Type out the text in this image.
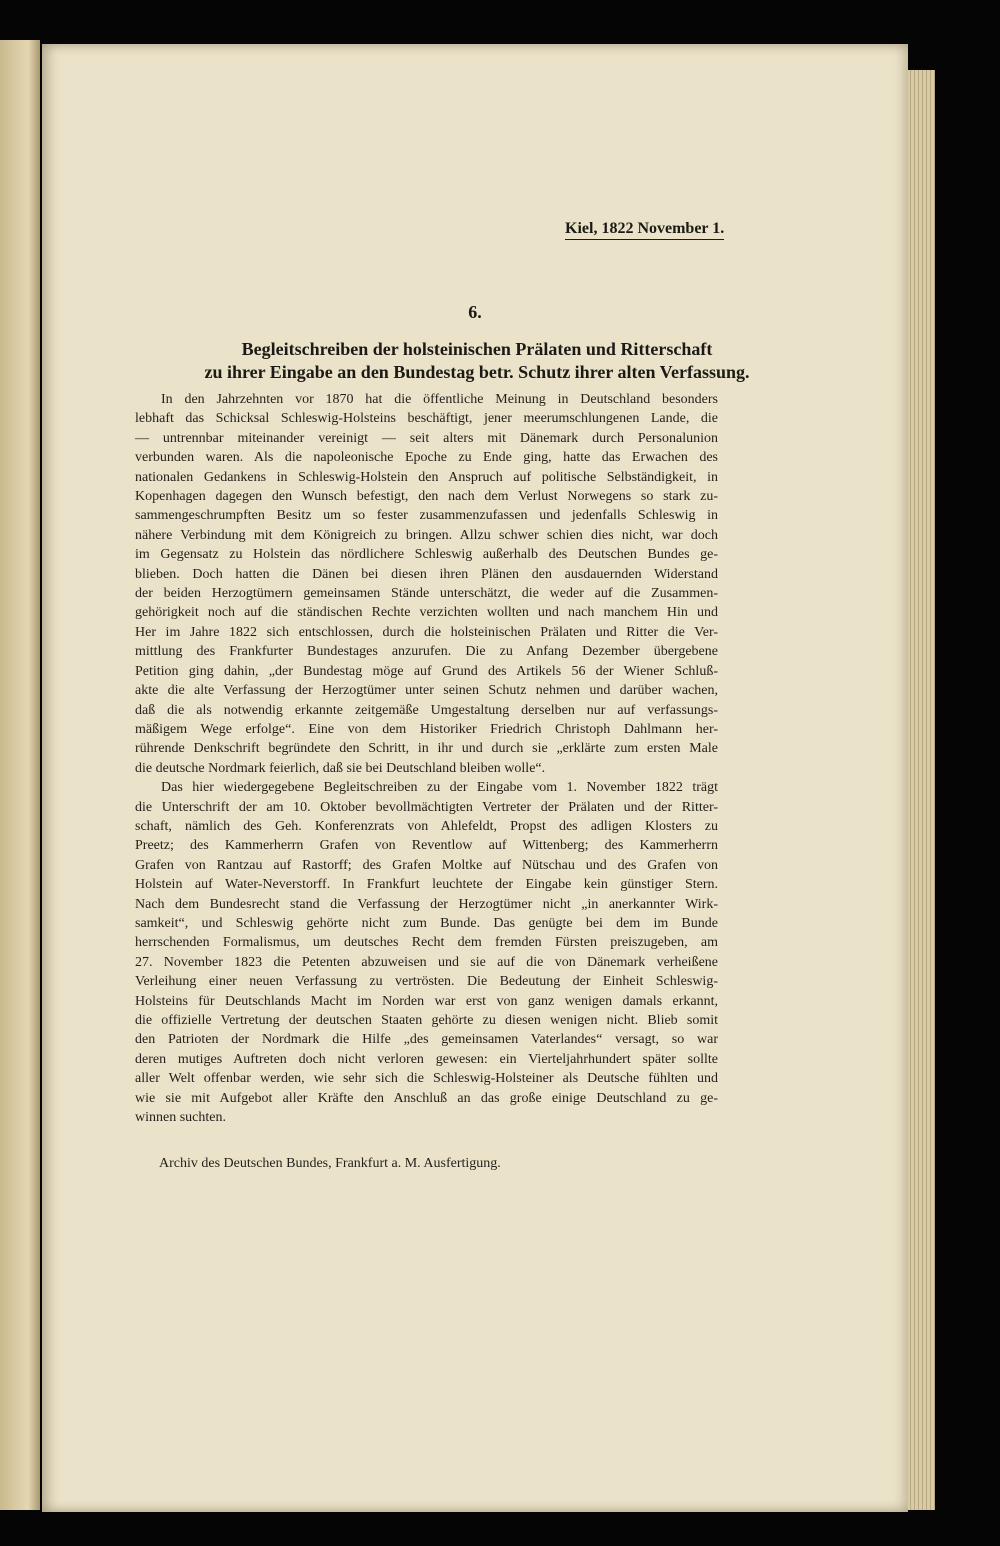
Kiel, 1822 November 1.
6.
Begleitschreiben der holsteinischen Prälaten und Ritterschaft
zu ihrer Eingabe an den Bundestag betr. Schutz ihrer alten Verfassung.
In den Jahrzehnten vor 1870 hat die öffentliche Meinung in Deutschland besonders
lebhaft das Schicksal Schleswig-Holsteins beschäftigt, jener meerumschlungenen Lande, die
— untrennbar miteinander vereinigt — seit alters mit Dänemark durch Personalunion
verbunden waren. Als die napoleonische Epoche zu Ende ging, hatte das Erwachen des
nationalen Gedankens in Schleswig-Holstein den Anspruch auf politische Selbständigkeit, in
Kopenhagen dagegen den Wunsch befestigt, den nach dem Verlust Norwegens so stark zu-
sammengeschrumpften Besitz um so fester zusammenzufassen und jedenfalls Schleswig in
nähere Verbindung mit dem Königreich zu bringen. Allzu schwer schien dies nicht, war doch
im Gegensatz zu Holstein das nördlichere Schleswig außerhalb des Deutschen Bundes ge-
blieben. Doch hatten die Dänen bei diesen ihren Plänen den ausdauernden Widerstand
der beiden Herzogtümern gemeinsamen Stände unterschätzt, die weder auf die Zusammen-
gehörigkeit noch auf die ständischen Rechte verzichten wollten und nach manchem Hin und
Her im Jahre 1822 sich entschlossen, durch die holsteinischen Prälaten und Ritter die Ver-
mittlung des Frankfurter Bundestages anzurufen. Die zu Anfang Dezember übergebene
Petition ging dahin, „der Bundestag möge auf Grund des Artikels 56 der Wiener Schluß-
akte die alte Verfassung der Herzogtümer unter seinen Schutz nehmen und darüber wachen,
daß die als notwendig erkannte zeitgemäße Umgestaltung derselben nur auf verfassungs-
mäßigem Wege erfolge“. Eine von dem Historiker Friedrich Christoph Dahlmann her-
rührende Denkschrift begründete den Schritt, in ihr und durch sie „erklärte zum ersten Male
die deutsche Nordmark feierlich, daß sie bei Deutschland bleiben wolle“.
Das hier wiedergegebene Begleitschreiben zu der Eingabe vom 1. November 1822 trägt
die Unterschrift der am 10. Oktober bevollmächtigten Vertreter der Prälaten und der Ritter-
schaft, nämlich des Geh. Konferenzrats von Ahlefeldt, Propst des adligen Klosters zu
Preetz; des Kammerherrn Grafen von Reventlow auf Wittenberg; des Kammerherrn
Grafen von Rantzau auf Rastorff; des Grafen Moltke auf Nütschau und des Grafen von
Holstein auf Water-Neverstorff. In Frankfurt leuchtete der Eingabe kein günstiger Stern.
Nach dem Bundesrecht stand die Verfassung der Herzogtümer nicht „in anerkannter Wirk-
samkeit“, und Schleswig gehörte nicht zum Bunde. Das genügte bei dem im Bunde
herrschenden Formalismus, um deutsches Recht dem fremden Fürsten preiszugeben, am
27. November 1823 die Petenten abzuweisen und sie auf die von Dänemark verheißene
Verleihung einer neuen Verfassung zu vertrösten. Die Bedeutung der Einheit Schleswig-
Holsteins für Deutschlands Macht im Norden war erst von ganz wenigen damals erkannt,
die offizielle Vertretung der deutschen Staaten gehörte zu diesen wenigen nicht. Blieb somit
den Patrioten der Nordmark die Hilfe „des gemeinsamen Vaterlandes“ versagt, so war
deren mutiges Auftreten doch nicht verloren gewesen: ein Vierteljahrhundert später sollte
aller Welt offenbar werden, wie sehr sich die Schleswig-Holsteiner als Deutsche fühlten und
wie sie mit Aufgebot aller Kräfte den Anschluß an das große einige Deutschland zu ge-
winnen suchten.
Archiv des Deutschen Bundes, Frankfurt a. M. Ausfertigung.
